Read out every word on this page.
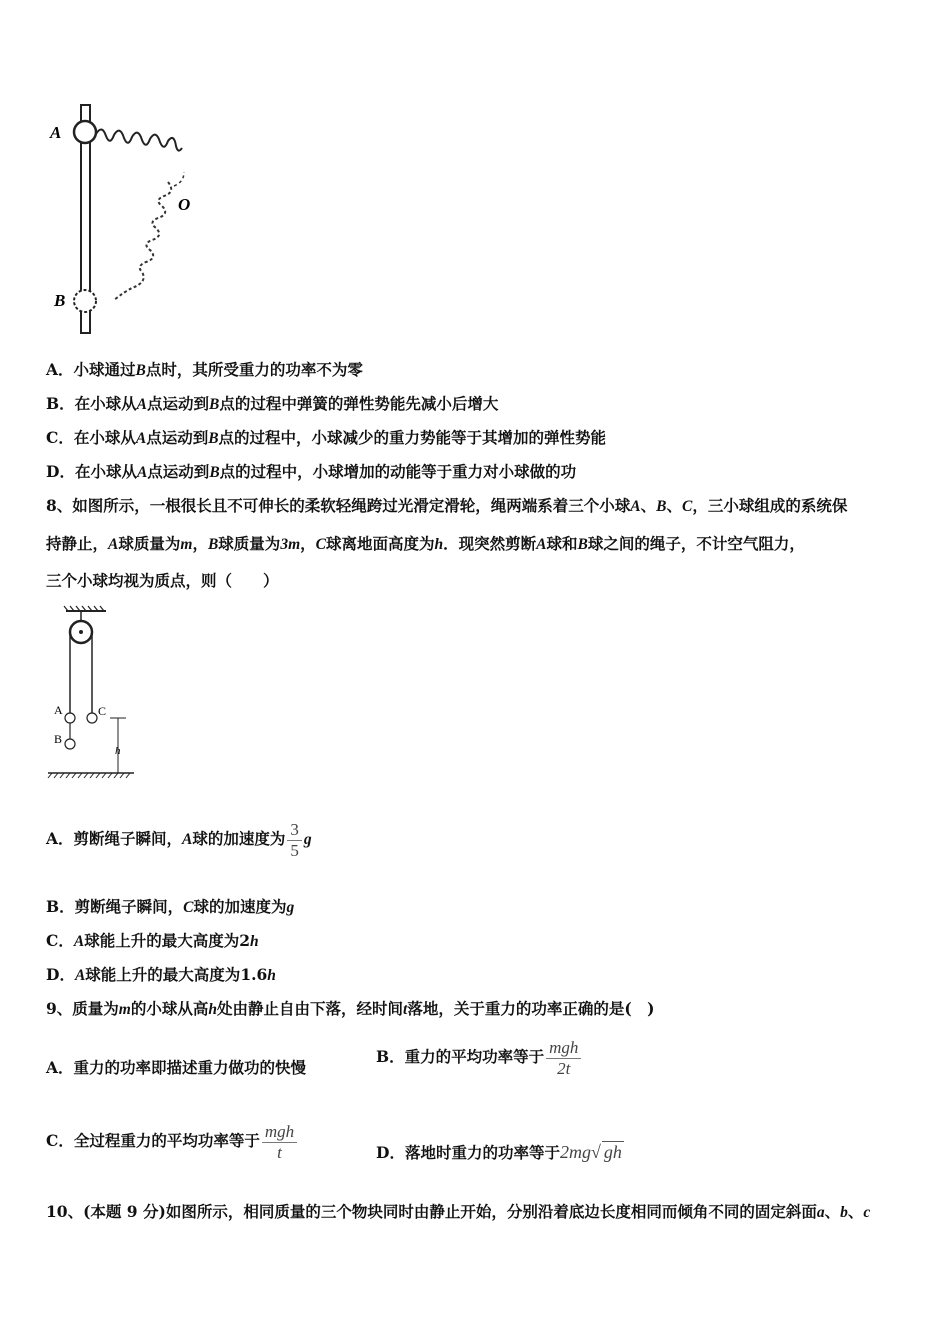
A
B
O
A．小球通过B点时，其所受重力的功率不为零
B．在小球从A点运动到B点的过程中弹簧的弹性势能先减小后增大
C．在小球从A点运动到B点的过程中，小球减少的重力势能等于其增加的弹性势能
D．在小球从A点运动到B点的过程中，小球增加的动能等于重力对小球做的功
8、如图所示，一根很长且不可伸长的柔软轻绳跨过光滑定滑轮，绳两端系着三个小球A、B、C，三小球组成的系统保
持静止，A球质量为m，B球质量为3m，C球离地面高度为h．现突然剪断A球和B球之间的绳子，不计空气阻力，
三个小球均视为质点，则（　　）
A
B
C
h
A．剪断绳子瞬间，A球的加速度为 $\frac{3}{5}$ g
B．剪断绳子瞬间，C球的加速度为g
C．A球能上升的最大高度为2h
D．A球能上升的最大高度为1.6h
9、质量为m的小球从高h处由静止自由下落，经时间t落地，关于重力的功率正确的是(　)
A．重力的功率即描述重力做功的快慢
B．重力的平均功率等于 $\frac{\text{mgh}}{2t}$
C．全过程重力的平均功率等于 $\frac{\text{mgh}}{t}$	D．落地时重力的功率等于2mg√ gh
10、(本题 9 分)如图所示，相同质量的三个物块同时由静止开始，分别沿着底边长度相同而倾角不同的固定斜面a、b、c
